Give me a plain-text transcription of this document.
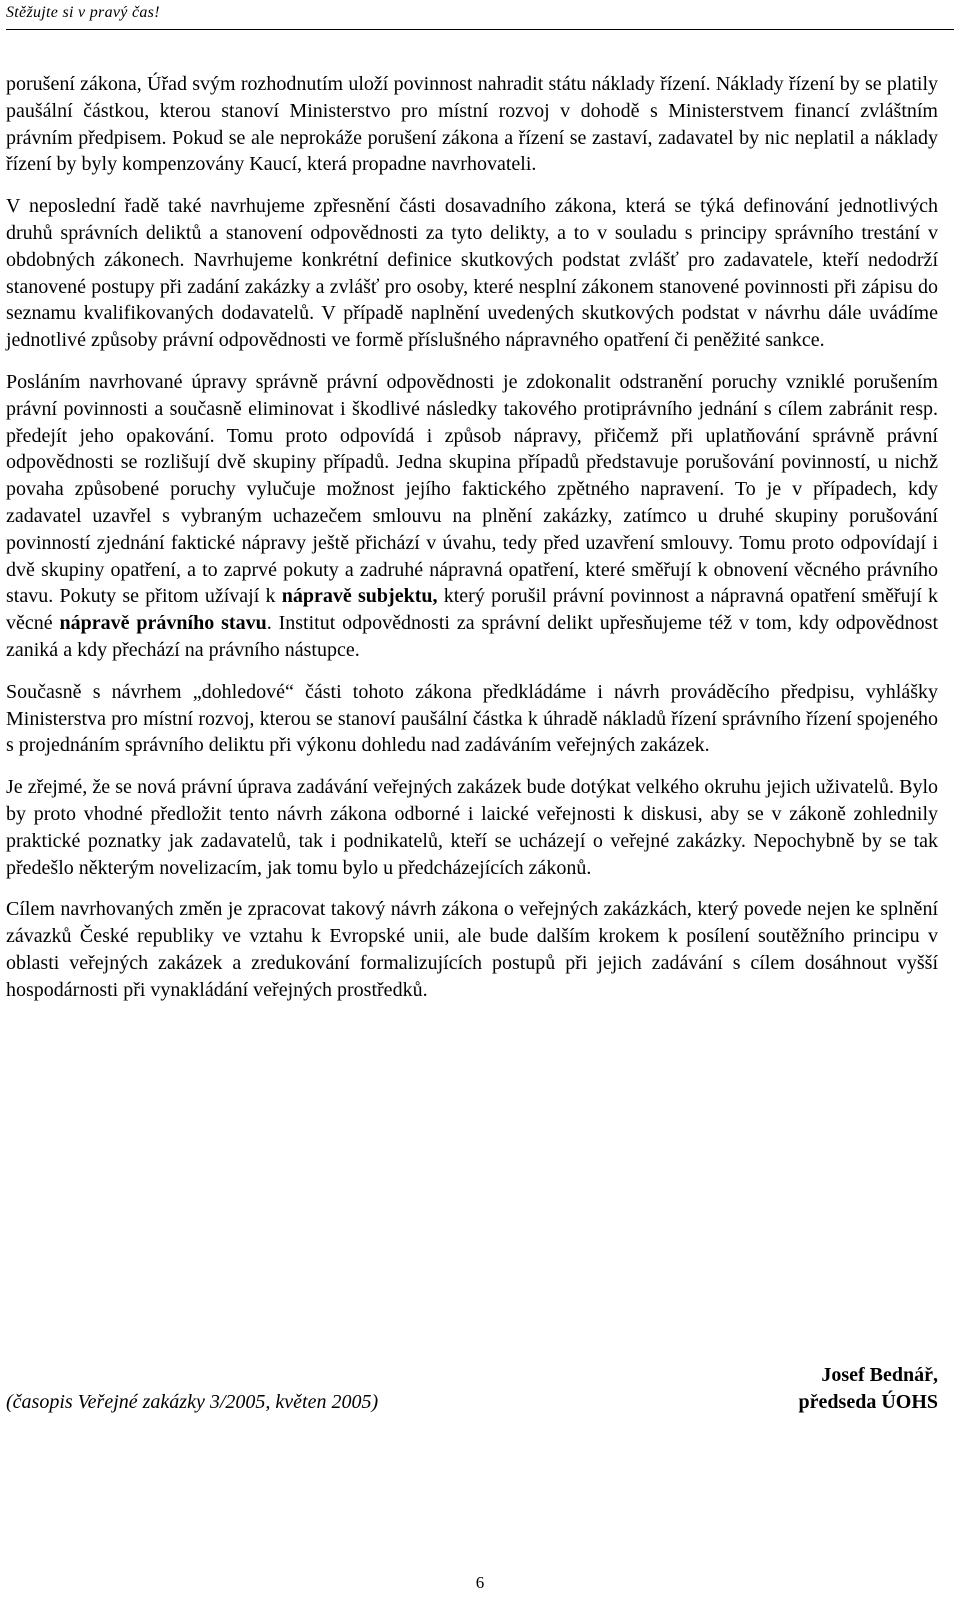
Stěžujte si v pravý čas!

porušení zákona, Úřad svým rozhodnutím uloží povinnost nahradit státu náklady řízení. Náklady řízení by se platily paušální částkou, kterou stanoví Ministerstvo pro místní rozvoj v dohodě s Ministerstvem financí zvláštním právním předpisem. Pokud se ale neprokáže porušení zákona a řízení se zastaví, zadavatel by nic neplatil a náklady řízení by byly kompenzovány Kaucí, která propadne navrhovateli.

V neposlední řadě také navrhujeme zpřesnění části dosavadního zákona, která se týká definování jednotlivých druhů správních deliktů a stanovení odpovědnosti za tyto delikty, a to v souladu s principy správního trestání v obdobných zákonech. Navrhujeme konkrétní definice skutkových podstat zvlášť pro zadavatele, kteří nedodrží stanovené postupy při zadání zakázky a zvlášť pro osoby, které nesplní zákonem stanovené povinnosti při zápisu do seznamu kvalifikovaných dodavatelů. V případě naplnění uvedených skutkových podstat v návrhu dále uvádíme jednotlivé způsoby právní odpovědnosti ve formě příslušného nápravného opatření či peněžité sankce.

Posláním navrhované úpravy správně právní odpovědnosti je zdokonalit odstranění poruchy vzniklé porušením právní povinnosti a současně eliminovat i škodlivé následky takového protiprávního jednání s cílem zabránit resp. předejít jeho opakování. Tomu proto odpovídá i způsob nápravy, přičemž při uplatňování správně právní odpovědnosti se rozlišují dvě skupiny případů. Jedna skupina případů představuje porušování povinností, u nichž povaha způsobené poruchy vylučuje možnost jejího faktického zpětného napravení. To je v případech, kdy zadavatel uzavřel s vybraným uchazečem smlouvu na plnění zakázky, zatímco u druhé skupiny porušování povinností zjednání faktické nápravy ještě přichází v úvahu, tedy před uzavření smlouvy. Tomu proto odpovídají i dvě skupiny opatření, a to zaprvé pokuty a zadruhé nápravná opatření, které směřují k obnovení věcného právního stavu. Pokuty se přitom užívají k nápravě subjektu, který porušil právní povinnost a nápravná opatření směřují k věcné nápravě právního stavu. Institut odpovědnosti za správní delikt upřesňujeme též v tom, kdy odpovědnost zaniká a kdy přechází na právního nástupce.

Současně s návrhem „dohledové“ části tohoto zákona předkládáme i návrh prováděcího předpisu, vyhlášky Ministerstva pro místní rozvoj, kterou se stanoví paušální částka k úhradě nákladů řízení správního řízení spojeného s projednáním správního deliktu při výkonu dohledu nad zadáváním veřejných zakázek.

Je zřejmé, že se nová právní úprava zadávání veřejných zakázek bude dotýkat velkého okruhu jejich uživatelů. Bylo by proto vhodné předložit tento návrh zákona odborné i laické veřejnosti k diskusi, aby se v zákoně zohlednily praktické poznatky jak zadavatelů, tak i podnikatelů, kteří se ucházejí o veřejné zakázky. Nepochybně by se tak předešlo některým novelizacím, jak tomu bylo u předcházejících zákonů.

Cílem navrhovaných změn je zpracovat takový návrh zákona o veřejných zakázkách, který povede nejen ke splnění závazků České republiky ve vztahu k Evropské unii, ale bude dalším krokem k posílení soutěžního principu v oblasti veřejných zakázek a zredukování formalizujících postupů při jejich zadávání s cílem dosáhnout vyšší hospodárnosti při vynakládání veřejných prostředků.

Josef Bednář,
předseda ÚOHS
(časopis Veřejné zakázky 3/2005, květen 2005)
6
